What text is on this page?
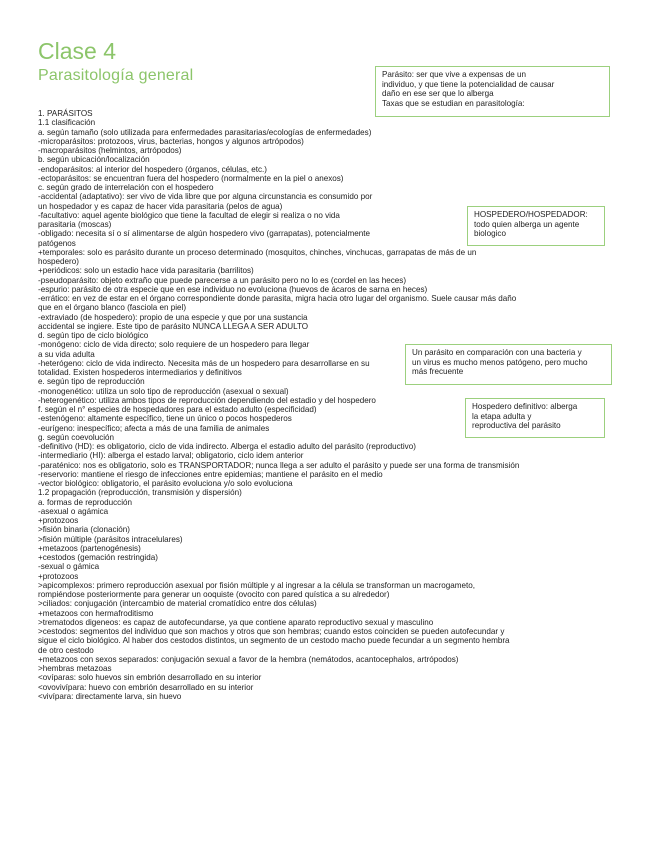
Clase 4
Parasitología general
1. PARÁSITOS
1.1 clasificación
a. según tamaño (solo utilizada para enfermedades parasitarias/ecologías de enfermedades)
-microparásitos: protozoos, virus, bacterias, hongos y algunos artrópodos)
-macroparásitos (helmintos, artrópodos)
b. según ubicación/localización
-endoparásitos: al interior del hospedero (órganos, células, etc.)
-ectoparásitos: se encuentran fuera del hospedero (normalmente en la piel o anexos)
c. según grado de interrelación con el hospedero
-accidental (adaptativo): ser vivo de vida libre que por alguna circunstancia es consumido por
un hospedador y es capaz de hacer vida parasitaria (pelos de agua)
-facultativo: aquel agente biológico que tiene la facultad de elegir si realiza o no vida
parasitaria (moscas)
-obligado: necesita sí o sí alimentarse de algún hospedero vivo (garrapatas), potencialmente
patógenos
+temporales: solo es parásito durante un proceso determinado (mosquitos, chinches, vinchucas, garrapatas de más de un
hospedero)
+periódicos: solo un estadio hace vida parasitaria (barrilitos)
-pseudoparásito: objeto extraño que puede parecerse a un parásito pero no lo es (cordel en las heces)
-espurio: parásito de otra especie que en ese individuo no evoluciona (huevos de ácaros de sarna en heces)
-errático: en vez de estar en el órgano correspondiente donde parasita, migra hacia otro lugar del organismo. Suele causar más daño
que en el órgano blanco (fasciola en piel)
-extraviado (de hospedero): propio de una especie y que por una sustancia
accidental se ingiere. Este tipo de parásito NUNCA LLEGA A SER ADULTO
d. según tipo de ciclo biológico
-monógeno: ciclo de vida directo; solo requiere de un hospedero para llegar
a su vida adulta
-heterógeno: ciclo de vida indirecto. Necesita más de un hospedero para desarrollarse en su
totalidad. Existen hospederos intermediarios y definitivos
e. según tipo de reproducción
-monogenético: utiliza un solo tipo de reproducción (asexual o sexual)
-heterogenético: utiliza ambos tipos de reproducción dependiendo del estadio y del hospedero
f. según el n° especies de hospedadores para el estado adulto (especificidad)
-estenógeno: altamente específico, tiene un único o pocos hospederos
-eurígeno: inespecífico; afecta a más de una familia de animales
g. según coevolución
-definitivo (HD): es obligatorio, ciclo de vida indirecto. Alberga el estadio adulto del parásito (reproductivo)
-intermediario (HI): alberga el estado larval; obligatorio, ciclo idem anterior
-paraténico: nos es obligatorio, solo es TRANSPORTADOR; nunca llega a ser adulto el parásito y puede ser una forma de transmisión
-reservorio: mantiene el riesgo de infecciones entre epidemias; mantiene el parásito en el medio
-vector biológico: obligatorio, el parásito evoluciona y/o solo evoluciona
1.2 propagación (reproducción, transmisión y dispersión)
a. formas de reproducción
-asexual o agámica
+protozoos
>fisión binaria (clonación)
>fisión múltiple (parásitos intracelulares)
+metazoos (partenogénesis)
+cestodos (gemación restringida)
-sexual o gámica
+protozoos
>apicomplexos: primero reproducción asexual por fisión múltiple y al ingresar a la célula se transforman un macrogameto,
rompiéndose posteriormente para generar un ooquiste (ovocito con pared quística a su alrededor)
>ciliados: conjugación (intercambio de material cromatídico entre dos células)
+metazoos con hermafroditismo
>trematodos digeneos: es capaz de autofecundarse, ya que contiene aparato reproductivo sexual y masculino
>cestodos: segmentos del individuo que son machos y otros que son hembras; cuando estos coinciden se pueden autofecundar y
sigue el ciclo biológico. Al haber dos cestodos distintos, un segmento de un cestodo macho puede fecundar a un segmento hembra
de otro cestodo
+metazoos con sexos separados: conjugación sexual a favor de la hembra (nemátodos, acantocephalos, artrópodos)
>hembras metazoas
<ovíparas: solo huevos sin embrión desarrollado en su interior
<ovovivípara: huevo con embrión desarrollado en su interior
<vivípara: directamente larva, sin huevo
Parásito: ser que vive a expensas de un
individuo, y que tiene la potencialidad de causar
daño en ese ser que lo alberga
Taxas que se estudian en parasitología:
HOSPEDERO/HOSPEDADOR:
todo quien alberga un agente
biologico
Un parásito en comparación con una bacteria y
un virus es mucho menos patógeno, pero mucho
más frecuente
Hospedero definitivo: alberga
la etapa adulta y
reproductiva del parásito
